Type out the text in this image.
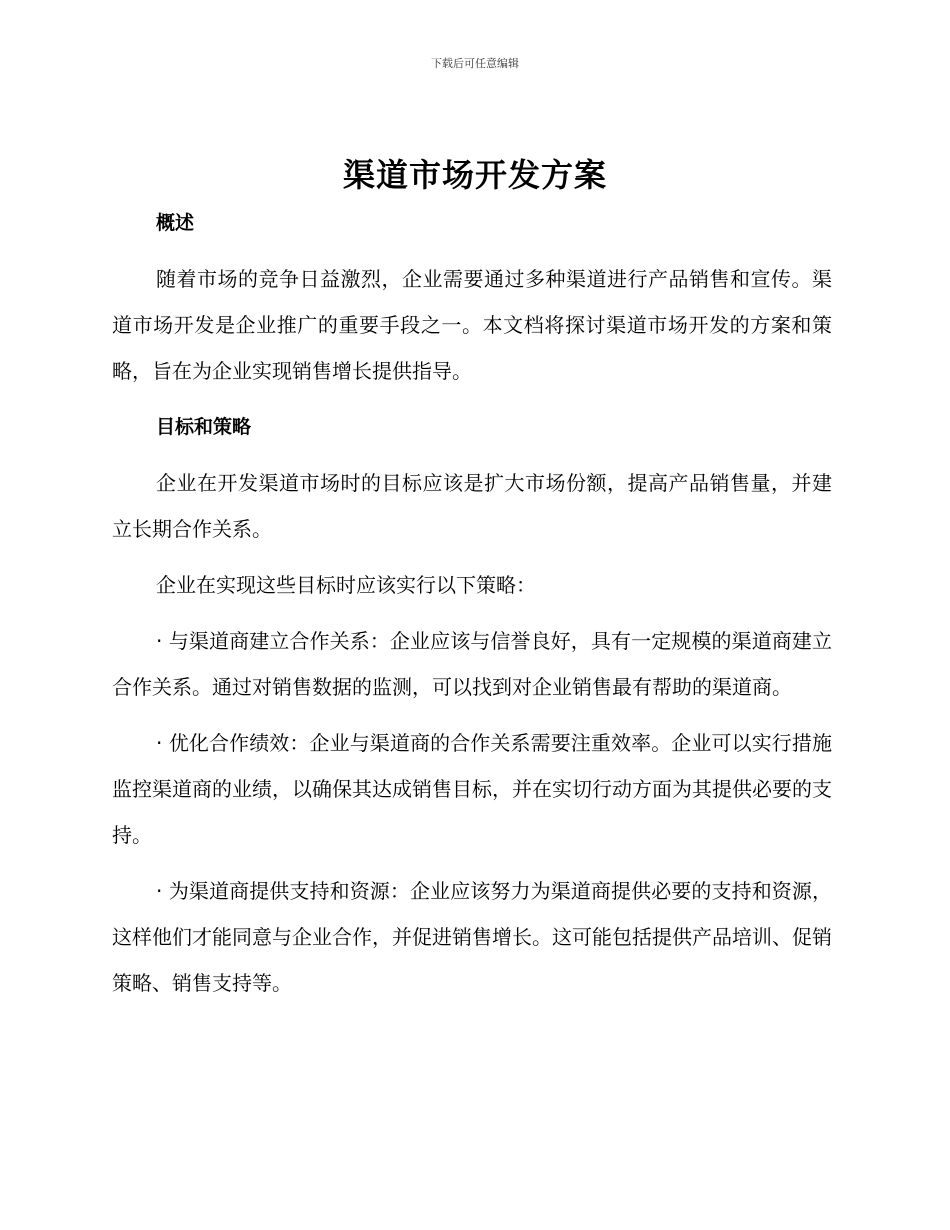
下载后可任意编辑
渠道市场开发方案

概述

随着市场的竞争日益激烈，企业需要通过多种渠道进行产品销售和宣传。渠道市场开发是企业推广的重要手段之一。本文档将探讨渠道市场开发的方案和策略，旨在为企业实现销售增长提供指导。

目标和策略

企业在开发渠道市场时的目标应该是扩大市场份额，提高产品销售量，并建立长期合作关系。

企业在实现这些目标时应该实行以下策略：

· 与渠道商建立合作关系：企业应该与信誉良好，具有一定规模的渠道商建立合作关系。通过对销售数据的监测，可以找到对企业销售最有帮助的渠道商。

· 优化合作绩效：企业与渠道商的合作关系需要注重效率。企业可以实行措施监控渠道商的业绩，以确保其达成销售目标，并在实切行动方面为其提供必要的支持。

· 为渠道商提供支持和资源：企业应该努力为渠道商提供必要的支持和资源，这样他们才能同意与企业合作，并促进销售增长。这可能包括提供产品培训、促销策略、销售支持等。
